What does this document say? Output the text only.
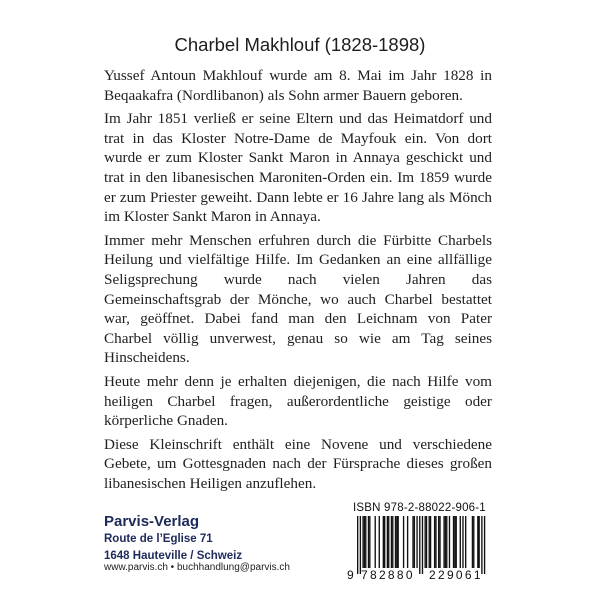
Charbel Makhlouf (1828-1898)

Yussef Antoun Makhlouf wurde am 8. Mai im Jahr 1828 in Beqaakafra (Nordlibanon) als Sohn armer Bauern geboren.

Im Jahr 1851 verließ er seine Eltern und das Heimatdorf und trat in das Kloster Notre-Dame de Mayfouk ein. Von dort wurde er zum Kloster Sankt Maron in Annaya geschickt und trat in den libanesischen Maroniten-Orden ein. Im 1859 wurde er zum Priester geweiht. Dann lebte er 16 Jahre lang als Mönch im Kloster Sankt Maron in Annaya.

Immer mehr Menschen erfuhren durch die Fürbitte Charbels Heilung und vielfältige Hilfe. Im Gedanken an eine allfällige Seligsprechung wurde nach vielen Jahren das Gemeinschaftsgrab der Mönche, wo auch Charbel bestattet war, geöffnet. Dabei fand man den Leichnam von Pater Charbel völlig unverwest, genau so wie am Tag seines Hinscheidens.

Heute mehr denn je erhalten diejenigen, die nach Hilfe vom heiligen Charbel fragen, außerordentliche geistige oder körperliche Gnaden.

Diese Kleinschrift enthält eine Novene und verschiedene Gebete, um Gottesgnaden nach der Fürsprache dieses großen libanesischen Heiligen anzuflehen.

Parvis-Verlag
Route de l’Eglise 71
1648 Hauteville / Schweiz
www.parvis.ch • buchhandlung@parvis.ch
ISBN 978-2-88022-906-1
9 782880 229061
